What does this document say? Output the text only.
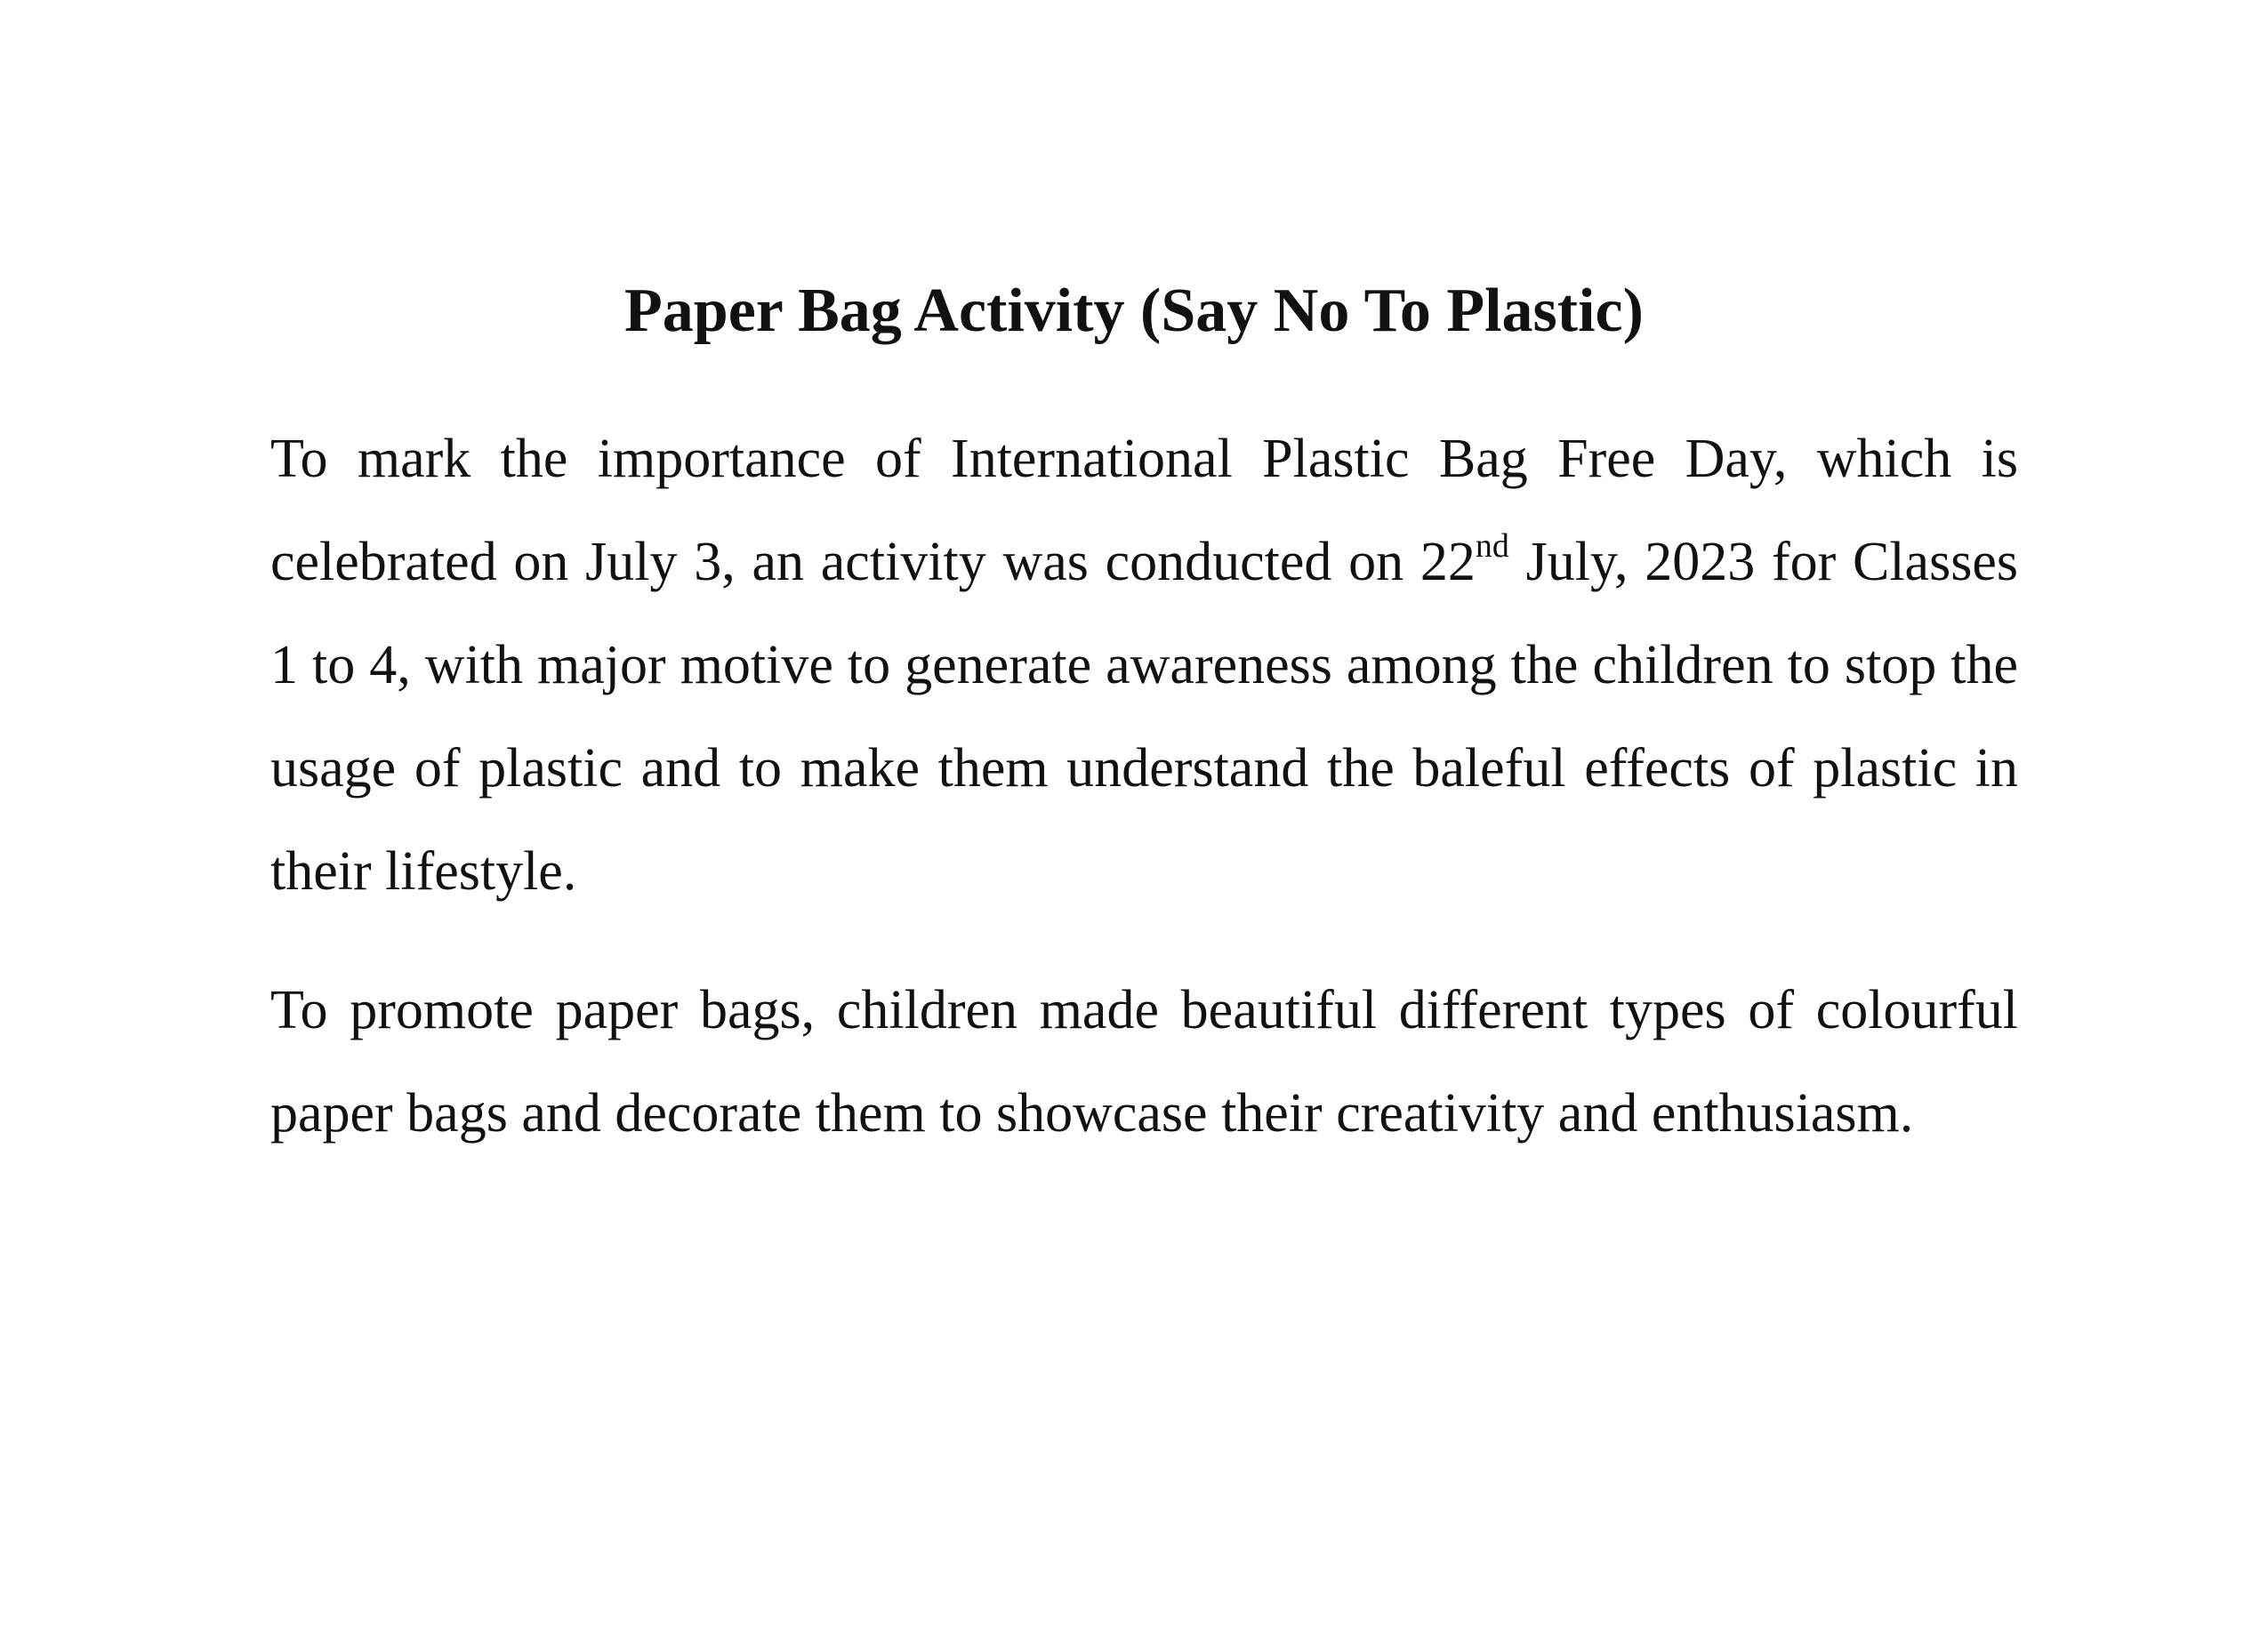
Paper Bag Activity (Say No To Plastic)

To mark the importance of International Plastic Bag Free Day, which is celebrated on July 3, an activity was conducted on 22nd July, 2023 for Classes 1 to 4, with major motive to generate awareness among the children to stop the usage of plastic and to make them understand the baleful effects of plastic in their lifestyle.

To promote paper bags, children made beautiful different types of colourful paper bags and decorate them to showcase their creativity and enthusiasm.
